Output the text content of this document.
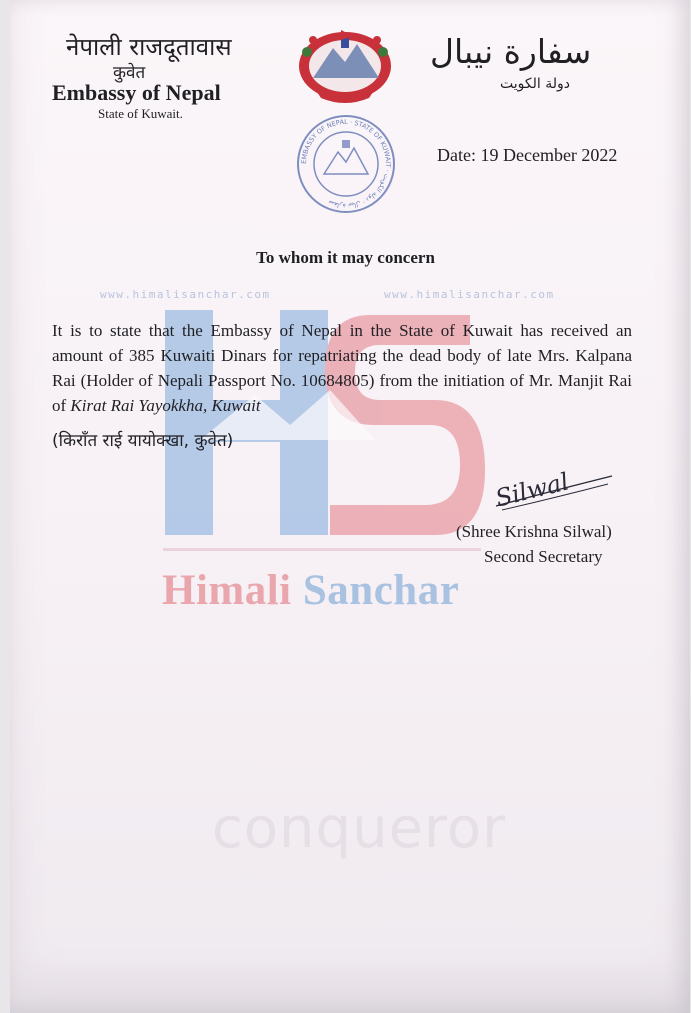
नेपाली राजदूतावास
कुवेत
Embassy of Nepal
State of Kuwait.
سفارة نيبال
دولة الكويت
EMBASSY OF NEPAL · STATE OF KUWAIT · سفارة نيبال · دولة الكويت
Date: 19 December 2022
To whom it may concern
www.himalisanchar.com	www.himalisanchar.com
It is to state that the Embassy of Nepal in the State of Kuwait has received an amount of 385 Kuwaiti Dinars for repatriating the dead body of late Mrs. Kalpana Rai (Holder of Nepali Passport No. 10684805) from the initiation of Mr. Manjit Rai of Kirat Rai Yayokkha, Kuwait
(किराँत राई यायोक्खा, कुवेत)
Silwal
(Shree Krishna Silwal)
Second Secretary
Himali Sanchar
conqueror
